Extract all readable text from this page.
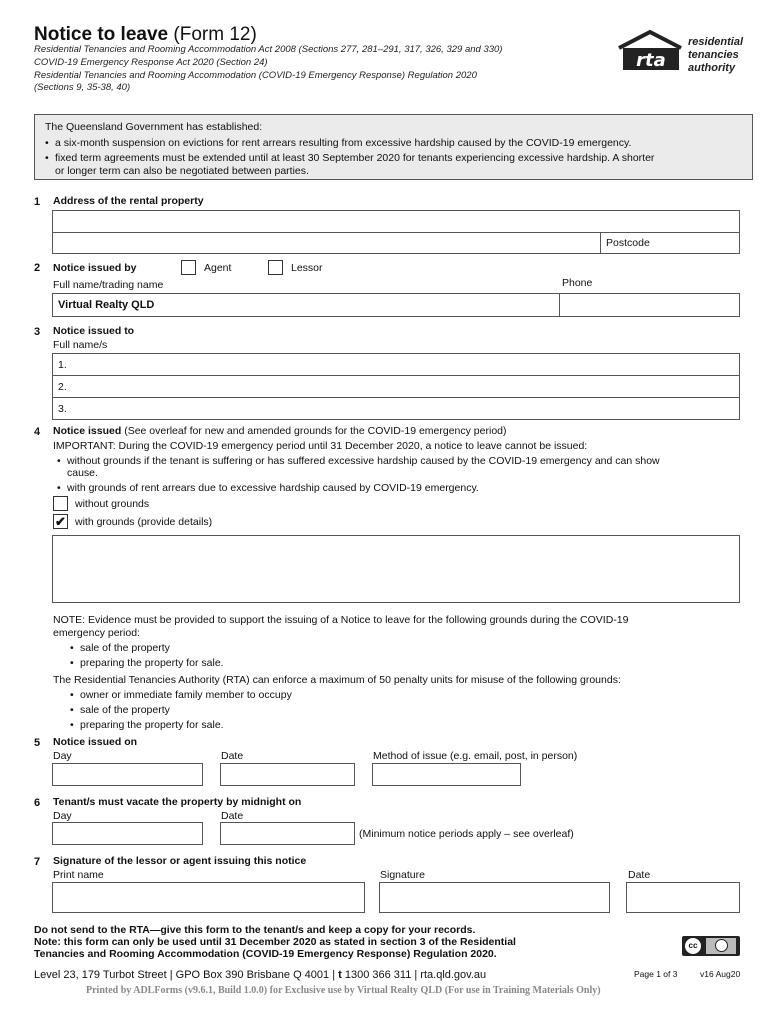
Notice to leave (Form 12)
Residential Tenancies and Rooming Accommodation Act 2008 (Sections 277, 281–291, 317, 326, 329 and 330)
COVID-19 Emergency Response Act 2020 (Section 24)
Residential Tenancies and Rooming Accommodation (COVID-19 Emergency Response) Regulation 2020
(Sections 9, 35-38, 40)
rta
residential
tenancies
authority
The Queensland Government has established:
a six-month suspension on evictions for rent arrears resulting from excessive hardship caused by the COVID-19 emergency.
fixed term agreements must be extended until at least 30 September 2020 for tenants experiencing excessive hardship. A shorter
or longer term can also be negotiated between parties.
1 Address of the rental property
Postcode
2 Notice issued by	Agent	Lessor
Full name/trading name	Phone
Virtual Realty QLD
3 Notice issued to
Full name/s
1.
2.
3.
4 Notice issued (See overleaf for new and amended grounds for the COVID-19 emergency period)
IMPORTANT: During the COVID-19 emergency period until 31 December 2020, a notice to leave cannot be issued:
without grounds if the tenant is suffering or has suffered excessive hardship caused by the COVID-19 emergency and can show
cause.
with grounds of rent arrears due to excessive hardship caused by COVID-19 emergency.
without grounds
✔ with grounds (provide details)
NOTE: Evidence must be provided to support the issuing of a Notice to leave for the following grounds during the COVID-19
emergency period:
sale of the property
preparing the property for sale.
The Residential Tenancies Authority (RTA) can enforce a maximum of 50 penalty units for misuse of the following grounds:
owner or immediate family member to occupy
sale of the property
preparing the property for sale.
5 Notice issued on
Day	Date	Method of issue (e.g. email, post, in person)
6 Tenant/s must vacate the property by midnight on
Day	Date
(Minimum notice periods apply – see overleaf)
7 Signature of the lessor or agent issuing this notice
Print name	Signature	Date
Do not send to the RTA—give this form to the tenant/s and keep a copy for your records.
Note: this form can only be used until 31 December 2020 as stated in section 3 of the Residential
Tenancies and Rooming Accommodation (COVID-19 Emergency Response) Regulation 2020.
cc
Level 23, 179 Turbot Street | GPO Box 390 Brisbane Q 4001 | t 1300 366 311 | rta.qld.gov.au	Page 1 of 3	v16 Aug20
Printed by ADLForms (v9.6.1, Build 1.0.0) for Exclusive use by Virtual Realty QLD (For use in Training Materials Only)
